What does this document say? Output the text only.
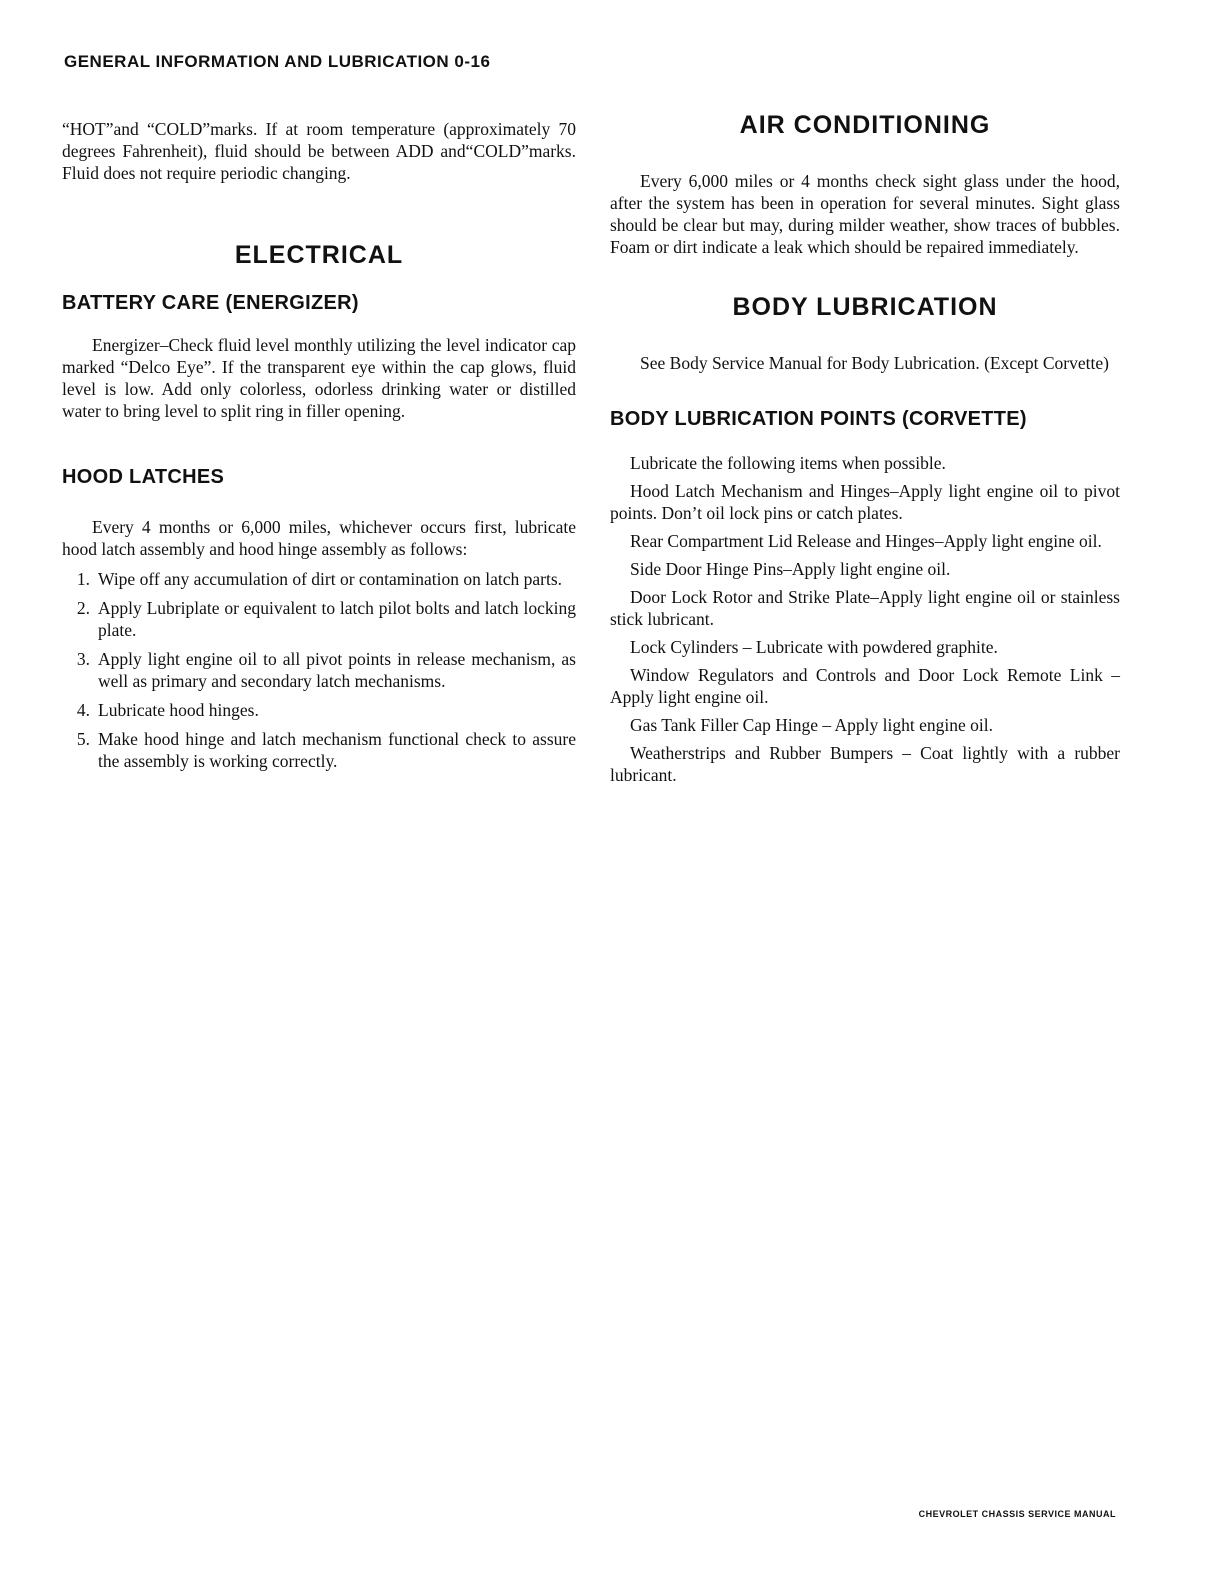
GENERAL INFORMATION AND LUBRICATION 0-16

“HOT”and “COLD”marks. If at room temperature (approximately 70 degrees Fahrenheit), fluid should be between ADD and“COLD”marks. Fluid does not require periodic changing.

ELECTRICAL
BATTERY CARE (ENERGIZER)

Energizer–Check fluid level monthly utilizing the level indicator cap marked “Delco Eye”. If the transparent eye within the cap glows, fluid level is low. Add only colorless, odorless drinking water or distilled water to bring level to split ring in filler opening.

HOOD LATCHES

Every 4 months or 6,000 miles, whichever occurs first, lubricate hood latch assembly and hood hinge assembly as follows:

1. Wipe off any accumulation of dirt or contamination on latch parts.
2. Apply Lubriplate or equivalent to latch pilot bolts and latch locking plate.
3. Apply light engine oil to all pivot points in release mechanism, as well as primary and secondary latch mechanisms.
4. Lubricate hood hinges.
5. Make hood hinge and latch mechanism functional check to assure the assembly is working correctly.
AIR CONDITIONING

Every 6,000 miles or 4 months check sight glass under the hood, after the system has been in operation for several minutes. Sight glass should be clear but may, during milder weather, show traces of bubbles. Foam or dirt indicate a leak which should be repaired immediately.

BODY LUBRICATION

See Body Service Manual for Body Lubrication. (Except Corvette)

BODY LUBRICATION POINTS (CORVETTE)

Lubricate the following items when possible.

Hood Latch Mechanism and Hinges–Apply light engine oil to pivot points. Don’t oil lock pins or catch plates.

Rear Compartment Lid Release and Hinges–Apply light engine oil.

Side Door Hinge Pins–Apply light engine oil.

Door Lock Rotor and Strike Plate–Apply light engine oil or stainless stick lubricant.

Lock Cylinders – Lubricate with powdered graphite.

Window Regulators and Controls and Door Lock Remote Link – Apply light engine oil.

Gas Tank Filler Cap Hinge – Apply light engine oil.

Weatherstrips and Rubber Bumpers – Coat lightly with a rubber lubricant.

CHEVROLET CHASSIS SERVICE MANUAL
